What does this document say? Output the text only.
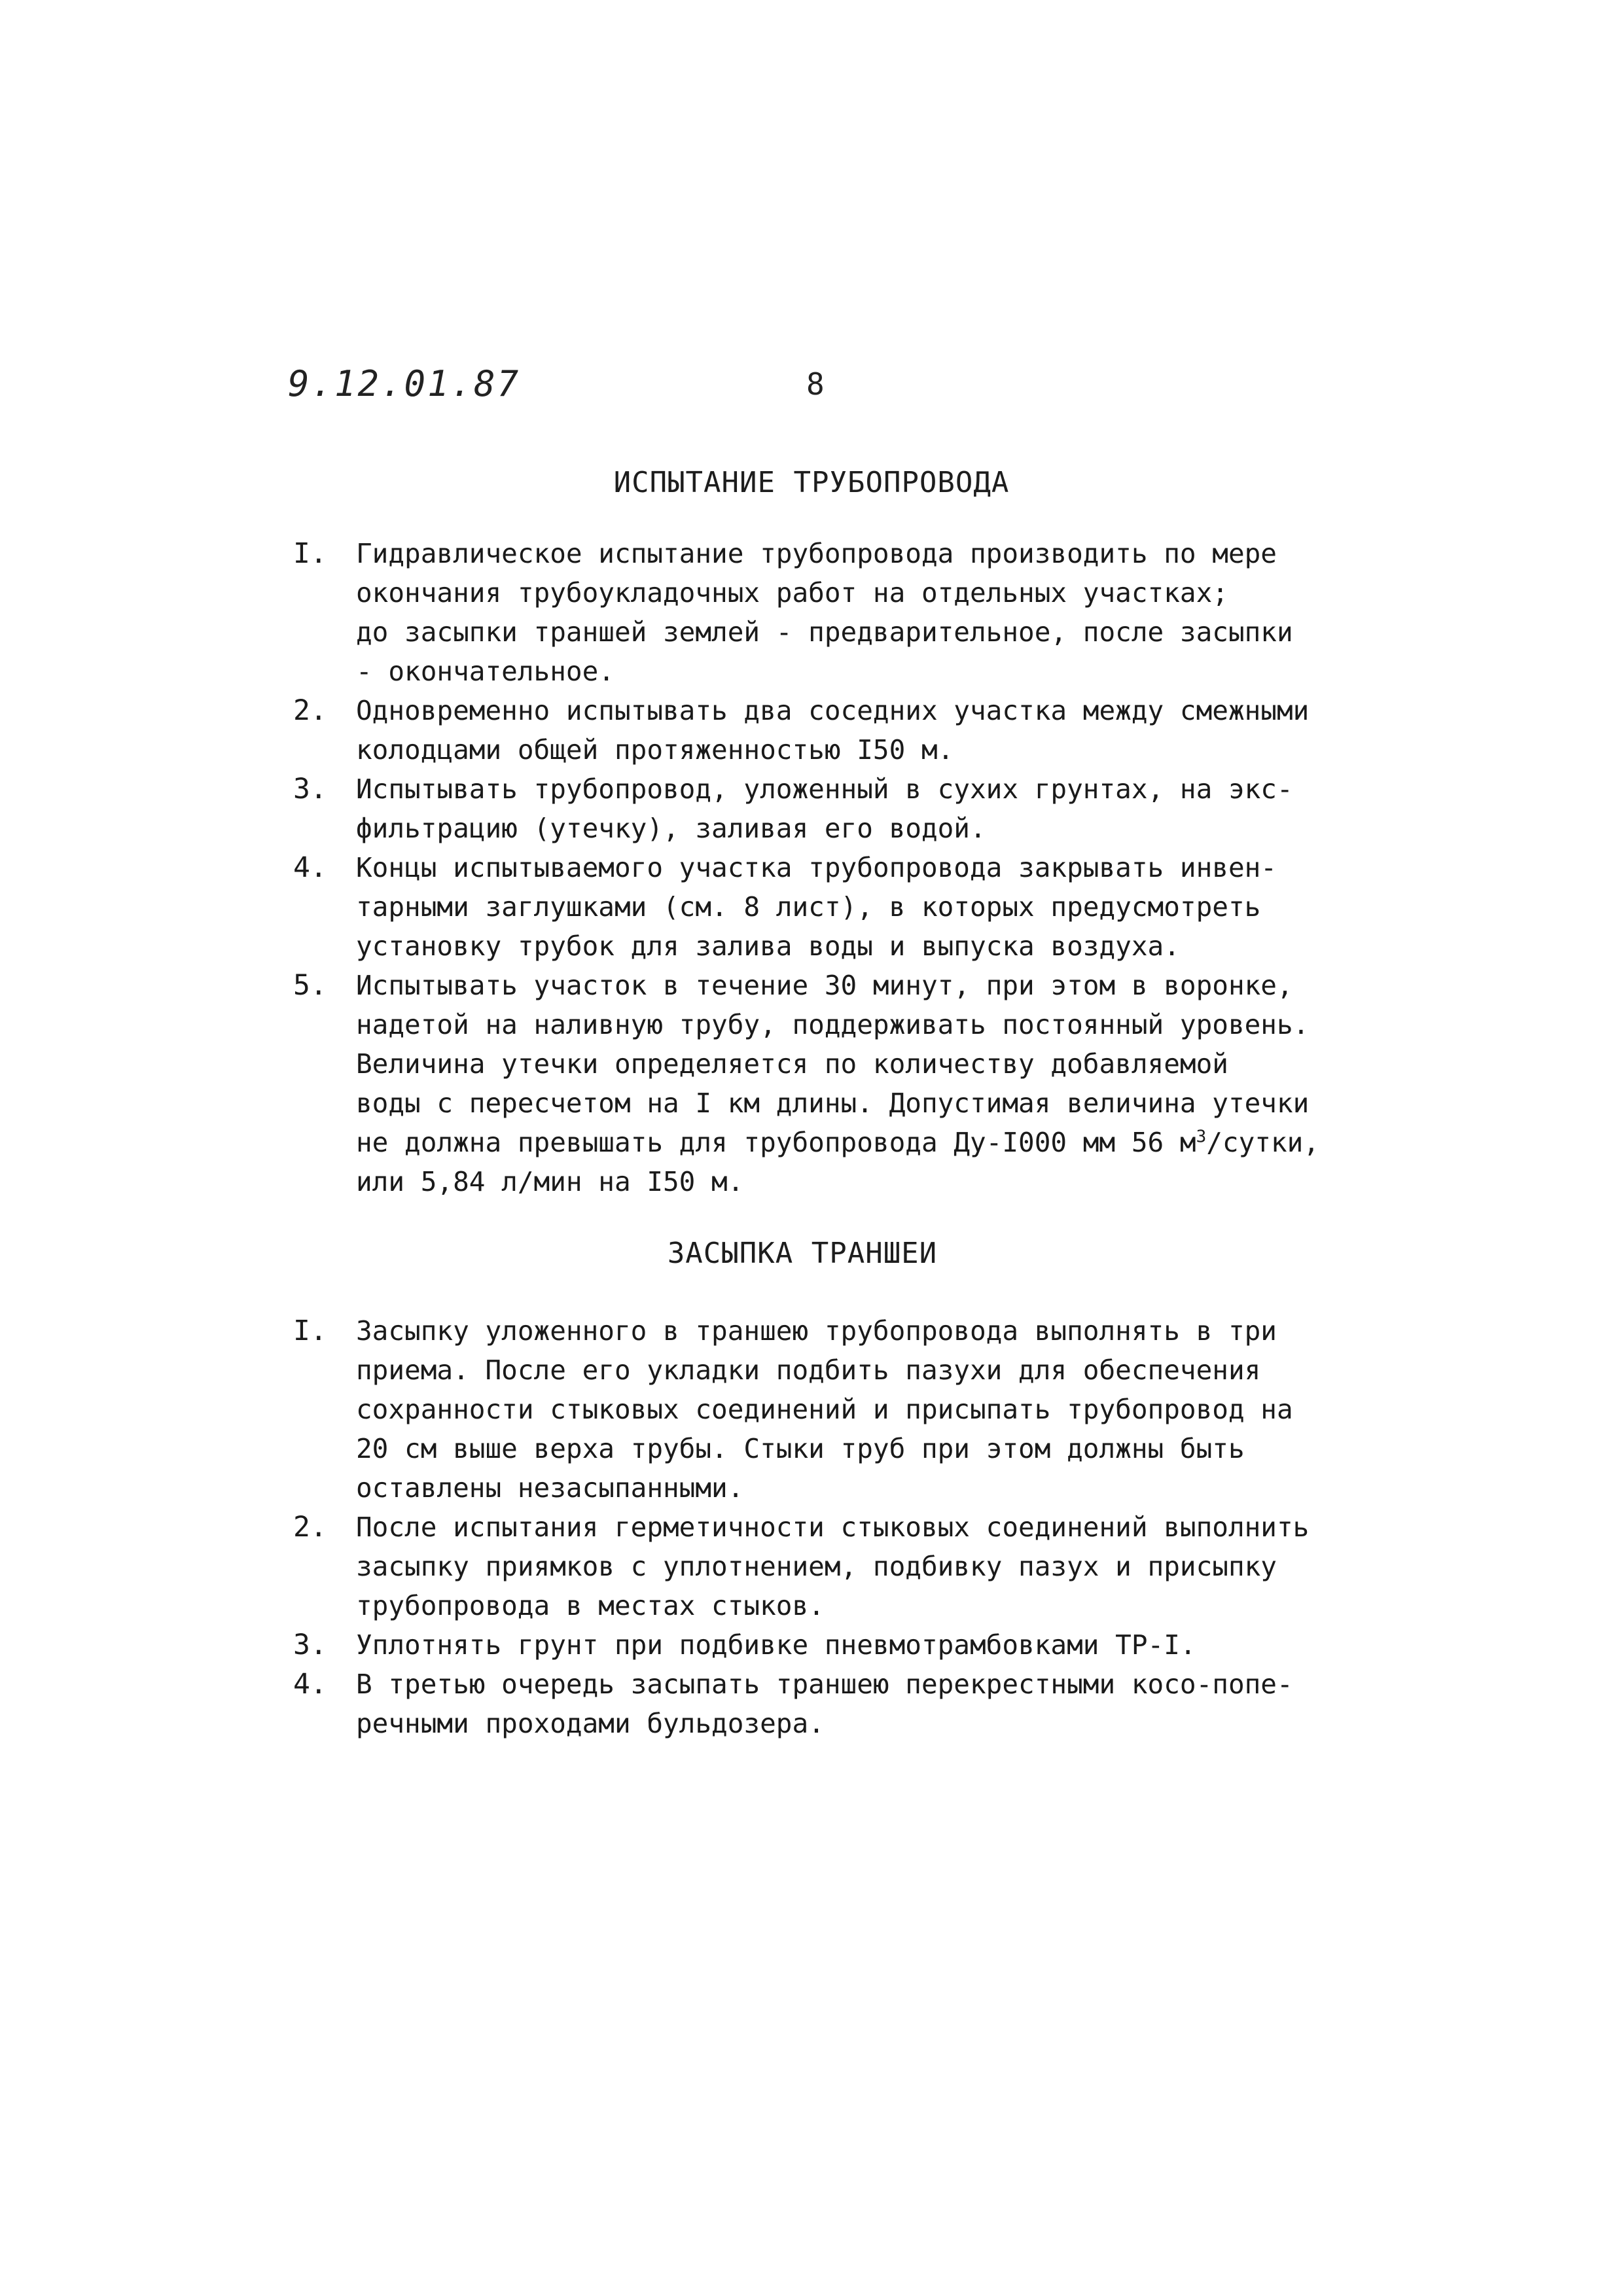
9.12.01.87	8
ИСПЫТАНИЕ ТРУБОПРОВОДА
I. Гидравлическое испытание трубопровода производить по мере
окончания трубоукладочных работ на отдельных участках;
до засыпки траншей землей - предварительное, после засыпки
- окончательное.
2. Одновременно испытывать два соседних участка между смежными
колодцами общей протяженностью I50 м.
3. Испытывать трубопровод, уложенный в сухих грунтах, на экс-
фильтрацию (утечку), заливая его водой.
4. Концы испытываемого участка трубопровода закрывать инвен-
тарными заглушками (см. 8 лист), в которых предусмотреть
установку трубок для залива воды и выпуска воздуха.
5. Испытывать участок в течение 30 минут, при этом в воронке,
надетой на наливную трубу, поддерживать постоянный уровень.
Величина утечки определяется по количеству добавляемой
воды с пересчетом на I км длины. Допустимая величина утечки
не должна превышать для трубопровода Ду-I000 мм 56 $м^3$/сутки,
или 5,84 л/мин на I50 м.
ЗАСЫПКА ТРАНШЕИ
I. Засыпку уложенного в траншею трубопровода выполнять в три
приема. После его укладки подбить пазухи для обеспечения
сохранности стыковых соединений и присыпать трубопровод на
20 см выше верха трубы. Стыки труб при этом должны быть
оставлены незасыпанными.
2. После испытания герметичности стыковых соединений выполнить
засыпку приямков с уплотнением, подбивку пазух и присыпку
трубопровода в местах стыков.
3. Уплотнять грунт при подбивке пневмотрамбовками ТР-I.
4. В третью очередь засыпать траншею перекрестными косо-попе-
речными проходами бульдозера.
